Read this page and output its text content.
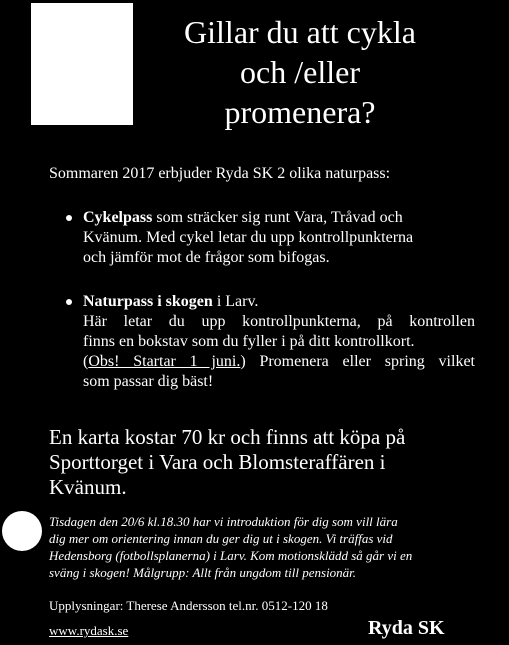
Gillar du att cykla
och /eller
promenera?
Sommaren 2017 erbjuder Ryda SK 2 olika naturpass:
Cykelpass som sträcker sig runt Vara, Tråvad och
Kvänum. Med cykel letar du upp kontrollpunkterna
och jämför mot de frågor som bifogas.
Naturpass i skogen i Larv.
Här letar du upp kontrollpunkterna, på kontrollen
finns en bokstav som du fyller i på ditt kontrollkort.
(Obs! Startar 1 juni.) Promenera eller spring vilket
som passar dig bäst!
En karta kostar 70 kr och finns att köpa på
Sporttorget i Vara och Blomsteraffären i
Kvänum.
Tisdagen den 20/6 kl.18.30 har vi introduktion för dig som vill lära
dig mer om orientering innan du ger dig ut i skogen. Vi träffas vid
Hedensborg (fotbollsplanerna) i Larv. Kom motionsklädd så går vi en
sväng i skogen! Målgrupp: Allt från ungdom till pensionär.
Upplysningar: Therese Andersson tel.nr. 0512-120 18
www.rydask.se	Ryda SK
